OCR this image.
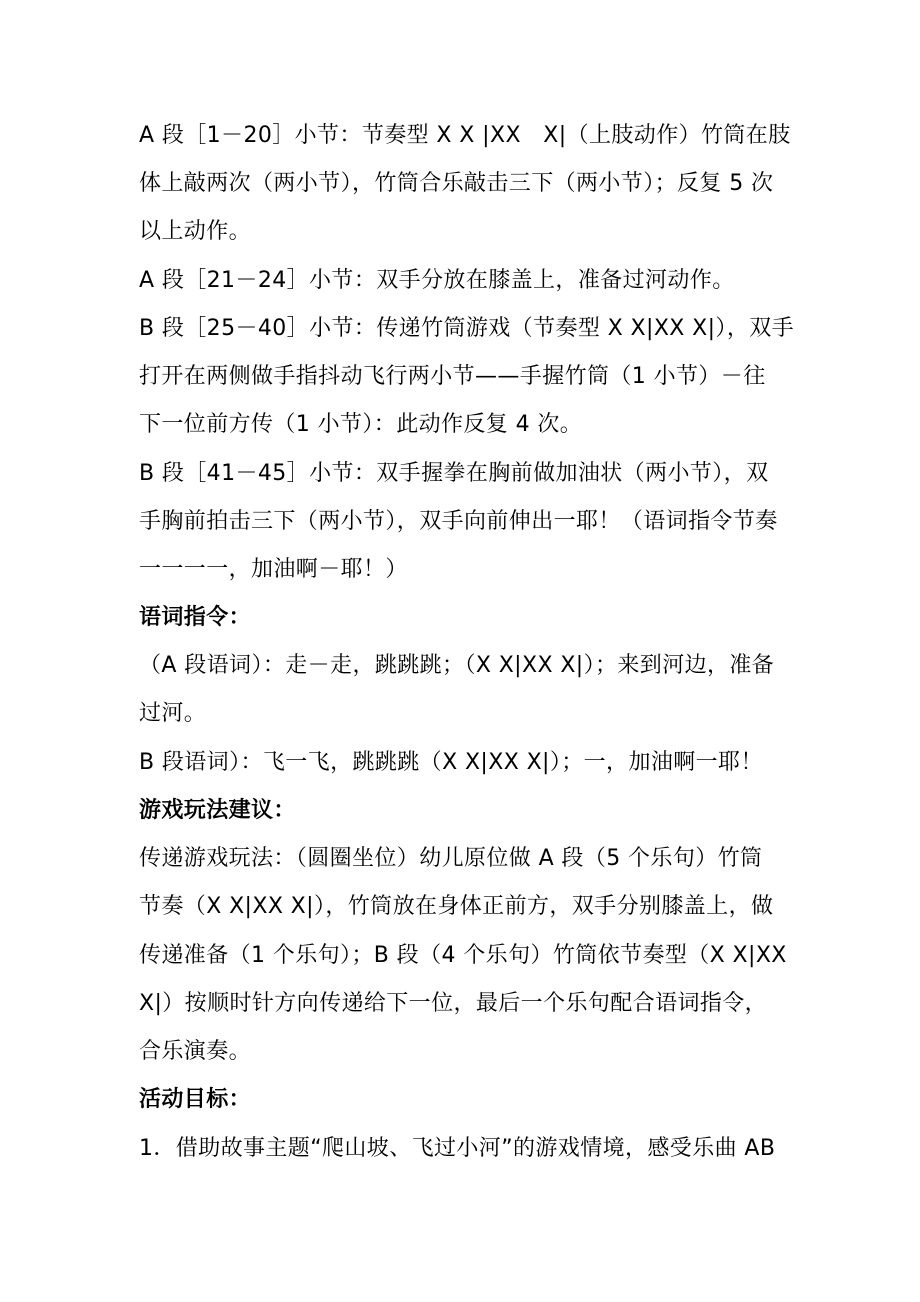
A 段［1－20］小节：节奏型 X X |XX　X|（上肢动作）竹筒在肢
体上敲两次（两小节），竹筒合乐敲击三下（两小节）；反复 5 次
以上动作。
A 段［21－24］小节：双手分放在膝盖上，准备过河动作。
B 段［25－40］小节：传递竹筒游戏（节奏型 X X|XX X|），双手
打开在两侧做手指抖动飞行两小节——手握竹筒（1 小节）－往
下一位前方传（1 小节）：此动作反复 4 次。
B 段［41－45］小节：双手握拳在胸前做加油状（两小节），双
手胸前拍击三下（两小节），双手向前伸出一耶！（语词指令节奏
一一一一，加油啊－耶！）
语词指令：
（A 段语词）：走－走，跳跳跳；（X X|XX X|）；来到河边，准备
过河。
B 段语词）：飞一飞，跳跳跳（X X|XX X|）；一，加油啊一耶！
游戏玩法建议：
传递游戏玩法：（圆圈坐位）幼儿原位做 A 段（5 个乐句）竹筒
节奏（X X|XX X|），竹筒放在身体正前方，双手分别膝盖上，做
传递准备（1 个乐句）；B 段（4 个乐句）竹筒依节奏型（X X|XX
X|）按顺时针方向传递给下一位，最后一个乐句配合语词指令，
合乐演奏。
活动目标：
1．借助故事主题“爬山坡、飞过小河”的游戏情境，感受乐曲 AB
